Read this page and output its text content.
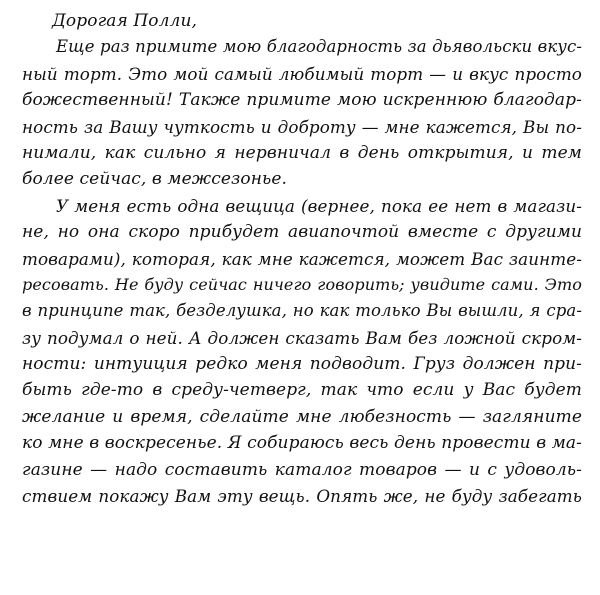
Дорогая Полли,
Еще раз примите мою благодарность за дьявольски вкус-
ный торт. Это мой самый любимый торт — и вкус просто
божественный! Также примите мою искреннюю благодар-
ность за Вашу чуткость и доброту — мне кажется, Вы по-
нимали, как сильно я нервничал в день открытия, и тем
более сейчас, в межсезонье.
У меня есть одна вещица (вернее, пока ее нет в магази-
не, но она скоро прибудет авиапочтой вместе с другими
товарами), которая, как мне кажется, может Вас заинте-
ресовать. Не буду сейчас ничего говорить; увидите сами. Это
в принципе так, безделушка, но как только Вы вышли, я сра-
зу подумал о ней. А должен сказать Вам без ложной скром-
ности: интуиция редко меня подводит. Груз должен при-
быть где-то в среду-четверг, так что если у Вас будет
желание и время, сделайте мне любезность — загляните
ко мне в воскресенье. Я собираюсь весь день провести в ма-
газине — надо составить каталог товаров — и с удоволь-
ствием покажу Вам эту вещь. Опять же, не буду забегать
